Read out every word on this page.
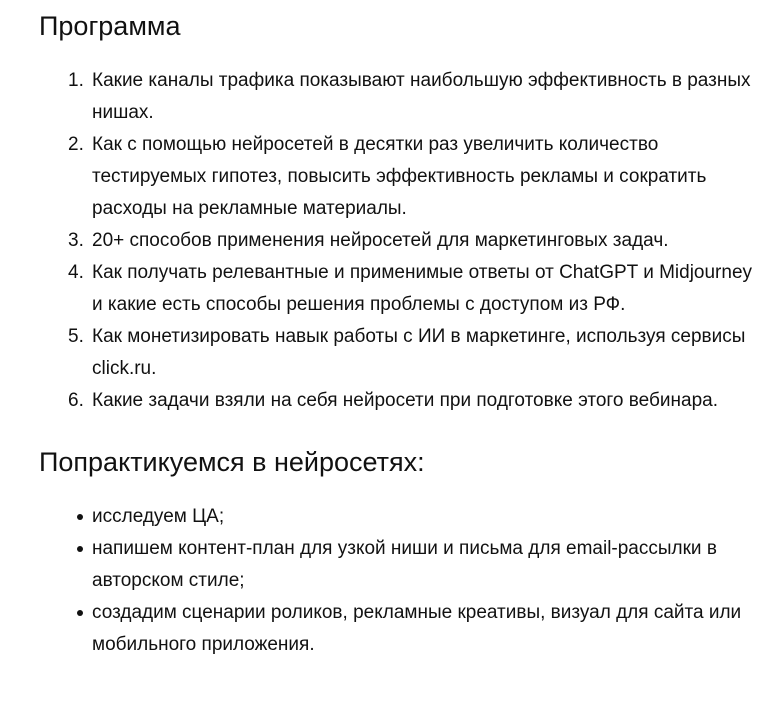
Программа
1. Какие каналы трафика показывают наибольшую эффективность в разных нишах.
2. Как с помощью нейросетей в десятки раз увеличить количество тестируемых гипотез, повысить эффективность рекламы и сократить расходы на рекламные материалы.
3. 20+ способов применения нейросетей для маркетинговых задач.
4. Как получать релевантные и применимые ответы от ChatGPT и Midjourney и какие есть способы решения проблемы с доступом из РФ.
5. Как монетизировать навык работы с ИИ в маркетинге, используя сервисы click.ru.
6. Какие задачи взяли на себя нейросети при подготовке этого вебинара.
Попрактикуемся в нейросетях:
исследуем ЦА;
напишем контент-план для узкой ниши и письма для email-рассылки в авторском стиле;
создадим сценарии роликов, рекламные креативы, визуал для сайта или мобильного приложения.
